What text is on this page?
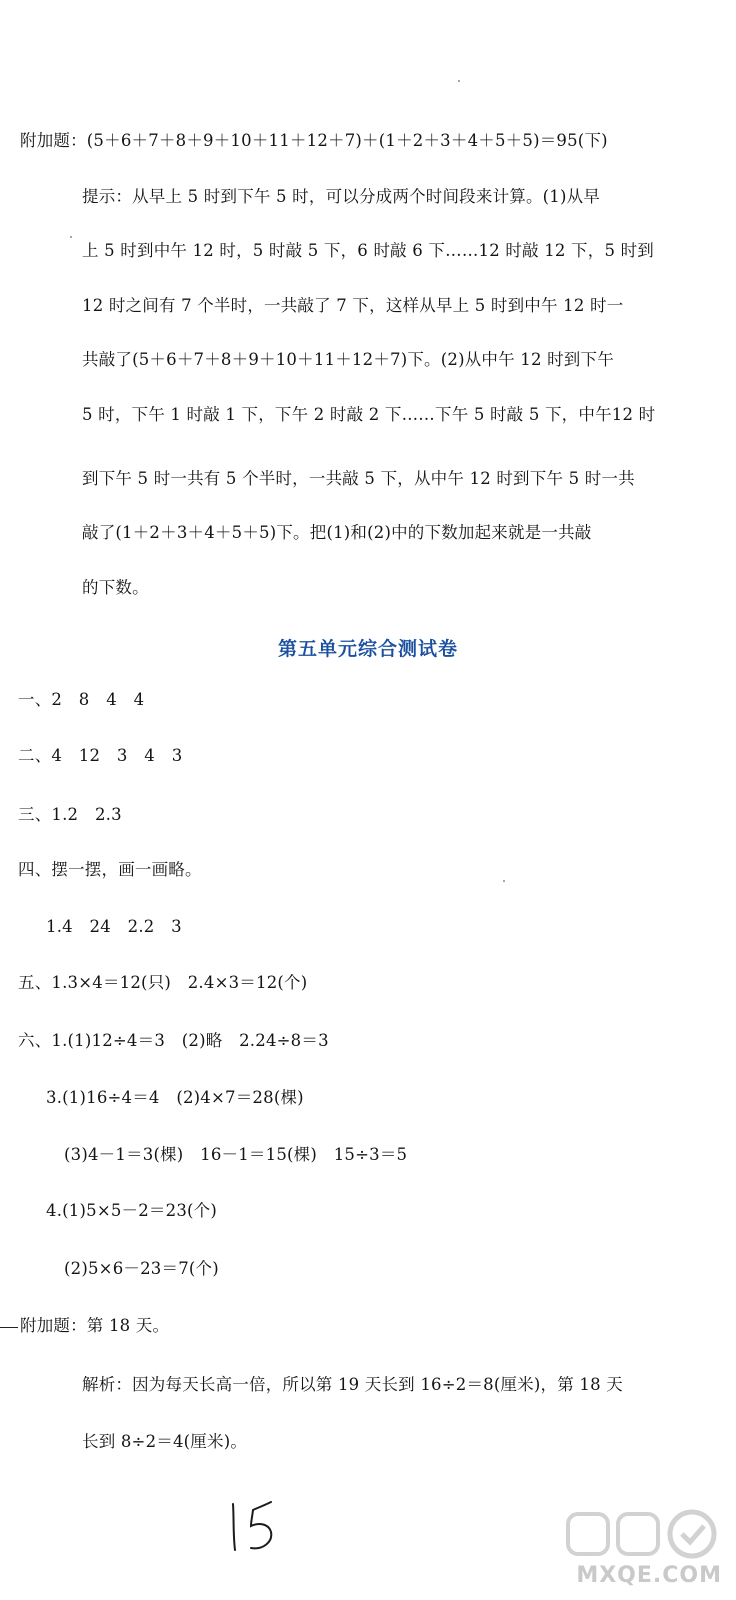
附加题：(5＋6＋7＋8＋9＋10＋11＋12＋7)＋(1＋2＋3＋4＋5＋5)＝95(下)
提示：从早上 5 时到下午 5 时，可以分成两个时间段来计算。(1)从早
上 5 时到中午 12 时，5 时敲 5 下，6 时敲 6 下……12 时敲 12 下，5 时到
12 时之间有 7 个半时，一共敲了 7 下，这样从早上 5 时到中午 12 时一
共敲了(5＋6＋7＋8＋9＋10＋11＋12＋7)下。(2)从中午 12 时到下午
5 时，下午 1 时敲 1 下，下午 2 时敲 2 下……下午 5 时敲 5 下，中午12 时
到下午 5 时一共有 5 个半时，一共敲 5 下，从中午 12 时到下午 5 时一共
敲了(1＋2＋3＋4＋5＋5)下。把(1)和(2)中的下数加起来就是一共敲
的下数。
第五单元综合测试卷
一、2　8　4　4
二、4　12　3　4　3
三、1.2　2.3
四、摆一摆，画一画略。
1.4　24　2.2　3
五、1.3×4＝12(只)　2.4×3＝12(个)
六、1.(1)12÷4＝3　(2)略　2.24÷8＝3
3.(1)16÷4＝4　(2)4×7＝28(棵)
(3)4－1＝3(棵)　16－1＝15(棵)　15÷3＝5
4.(1)5×5－2＝23(个)
(2)5×6－23＝7(个)
附加题：第 18 天。
解析：因为每天长高一倍，所以第 19 天长到 16÷2＝8(厘米)，第 18 天
长到 8÷2＝4(厘米)。
MXQE.COM
